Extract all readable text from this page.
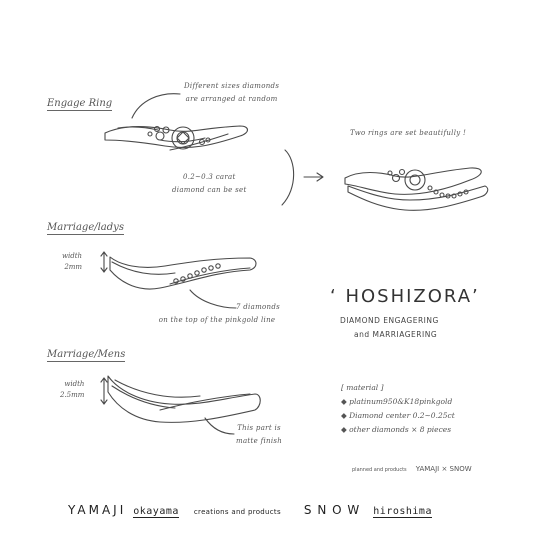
Engage Ring
Marriage/ladys
Marriage/Mens
Different sizes diamonds
are arranged at random
0.2~0.3 carat
diamond can be set
Two rings are set beautifully !
width
2mm
7 diamonds
on the top of the pinkgold line
width
2.5mm
This part is
matte finish
‘ HOSHIZORA’
DIAMOND ENGAGERING
and MARRIAGERING
[ material ]
◆ platinum950&K18pinkgold
◆ Diamond center 0.2~0.25ct
◆ other diamonds × 8 pieces
planned and products YAMAJI × SNOW
YAMAJI okayama creations and products S N O W hiroshima
